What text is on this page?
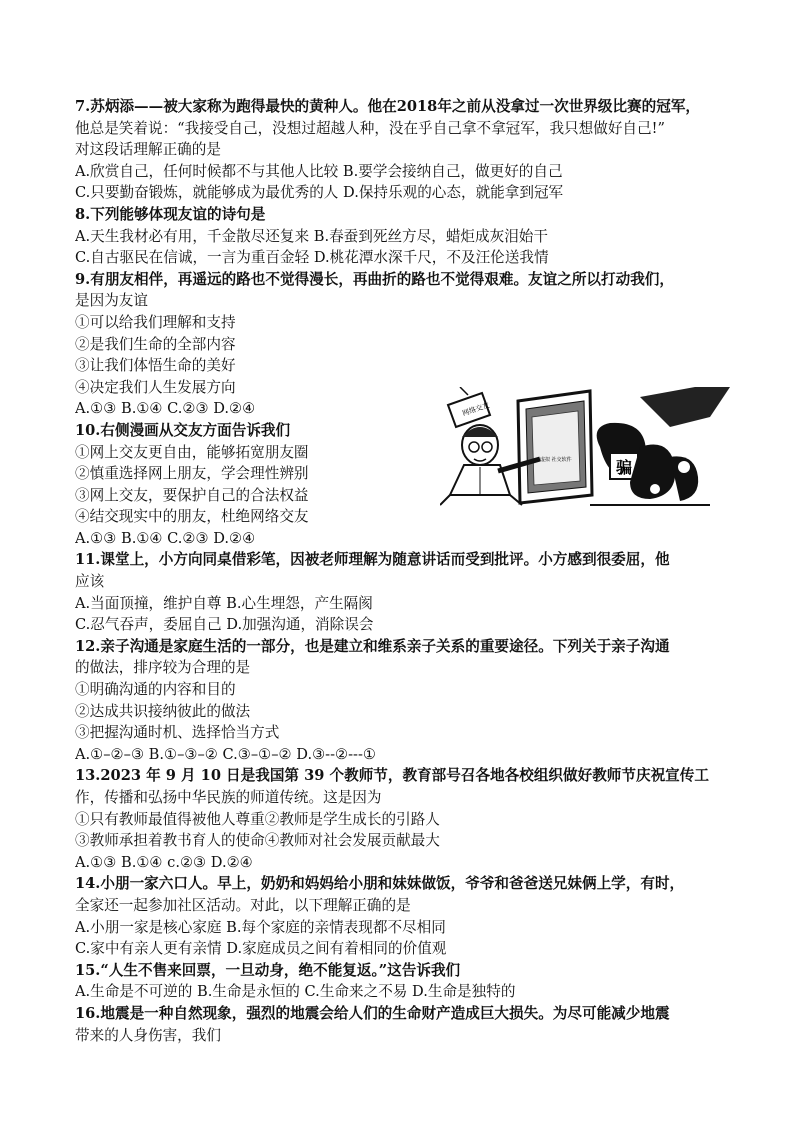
7.苏炳添——被大家称为跑得最快的黄种人。他在2018年之前从没拿过一次世界级比赛的冠军，
他总是笑着说：“我接受自己，没想过超越人种，没在乎自己拿不拿冠军，我只想做好自己!”
对这段话理解正确的是
A.欣赏自己，任何时候都不与其他人比较 B.要学会接纳自己，做更好的自己
C.只要勤奋锻炼，就能够成为最优秀的人 D.保持乐观的心态，就能拿到冠军
8.下列能够体现友谊的诗句是
A.天生我材必有用，千金散尽还复来 B.春蚕到死丝方尽，蜡炬成灰泪始干
C.自古驱民在信诚，一言为重百金轻 D.桃花潭水深千尺，不及汪伦送我情
9.有朋友相伴，再遥远的路也不觉得漫长，再曲折的路也不觉得艰难。友谊之所以打动我们，
是因为友谊
①可以给我们理解和支持
②是我们生命的全部内容
③让我们体悟生命的美好
④决定我们人生发展方向
A.①③ B.①④ C.②③ D.②④
10.右侧漫画从交友方面告诉我们
①网上交友更自由，能够拓宽朋友圈
②慎重选择网上朋友，学会理性辨别
③网上交友，要保护自己的合法权益
④结交现实中的朋友，杜绝网络交友
A.①③ B.①④ C.②③ D.②④
11.课堂上，小方向同桌借彩笔，因被老师理解为随意讲话而受到批评。小方感到很委屈，他
应该
A.当面顶撞，维护自尊 B.心生埋怨，产生隔阂
C.忍气吞声，委屈自己 D.加强沟通，消除误会
12.亲子沟通是家庭生活的一部分，也是建立和维系亲子关系的重要途径。下列关于亲子沟通
的做法，排序较为合理的是
①明确沟通的内容和目的
②达成共识接纳彼此的做法
③把握沟通时机、选择恰当方式
A.①–②–③ B.①–③–② C.③–①–② D.③--②---①
13.2023 年 9 月 10 日是我国第 39 个教师节，教育部号召各地各校组织做好教师节庆祝宣传工
作，传播和弘扬中华民族的师道传统。这是因为
①只有教师最值得被他人尊重②教师是学生成长的引路人
③教师承担着教书育人的使命④教师对社会发展贡献最大
A.①③ B.①④ c.②③ D.②④
14.小朋一家六口人。早上，奶奶和妈妈给小朋和妹妹做饭，爷爷和爸爸送兄妹俩上学，有时，
全家还一起参加社区活动。对此，以下理解正确的是
A.小朋一家是核心家庭 B.每个家庭的亲情表现都不尽相同
C.家中有亲人更有亲情 D.家庭成员之间有着相同的价值观
15.“人生不售来回票，一旦动身，绝不能复返。”这告诉我们
A.生命是不可逆的 B.生命是永恒的 C.生命来之不易 D.生命是独特的
16.地震是一种自然现象，强烈的地震会给人们的生命财产造成巨大损失。为尽可能减少地震
带来的人身伤害，我们
网络交友
虚拟 社交软件	骗
